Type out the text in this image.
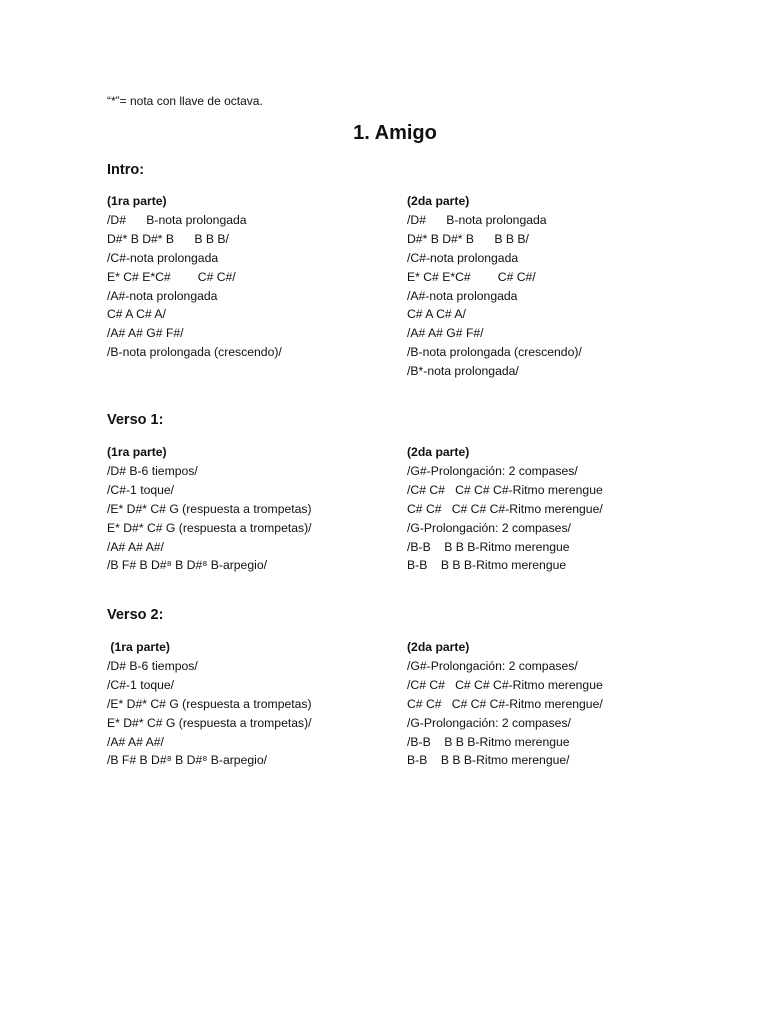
“*”= nota con llave de octava.
1. Amigo
Intro:
(1ra parte)
/D#      B-nota prolongada
D#* B D#* B      B B B/
/C#-nota prolongada
E* C# E*C#        C# C#/
/A#-nota prolongada
C# A C# A/
/A# A# G# F#/
/B-nota prolongada (crescendo)/
(2da parte)
/D#      B-nota prolongada
D#* B D#* B      B B B/
/C#-nota prolongada
E* C# E*C#        C# C#/
/A#-nota prolongada
C# A C# A/
/A# A# G# F#/
/B-nota prolongada (crescendo)/
/B*-nota prolongada/
Verso 1:
(1ra parte)
/D# B-6 tiempos/
/C#-1 toque/
/E* D#* C# G (respuesta a trompetas)
E* D#* C# G (respuesta a trompetas)/
/A# A# A#/
/B F# B D#⁸ B D#⁸ B-arpegio/
(2da parte)
/G#-Prolongación: 2 compases/
/C# C#   C# C# C#-Ritmo merengue
C# C#   C# C# C#-Ritmo merengue/
/G-Prolongación: 2 compases/
/B-B    B B B-Ritmo merengue
B-B    B B B-Ritmo merengue
Verso 2:
(1ra parte)
/D# B-6 tiempos/
/C#-1 toque/
/E* D#* C# G (respuesta a trompetas)
E* D#* C# G (respuesta a trompetas)/
/A# A# A#/
/B F# B D#⁸ B D#⁸ B-arpegio/
(2da parte)
/G#-Prolongación: 2 compases/
/C# C#   C# C# C#-Ritmo merengue
C# C#   C# C# C#-Ritmo merengue/
/G-Prolongación: 2 compases/
/B-B    B B B-Ritmo merengue
B-B    B B B-Ritmo merengue/
